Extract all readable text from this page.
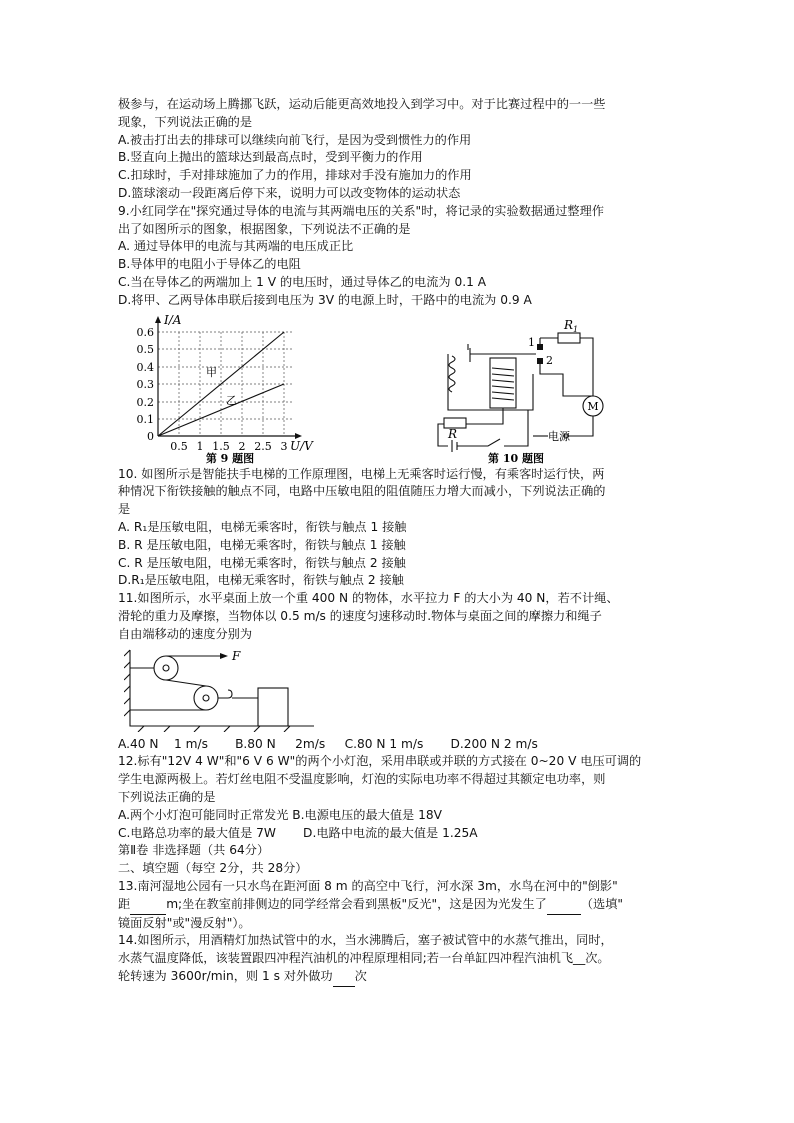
极参与，在运动场上腾挪飞跃，运动后能更高效地投入到学习中。对于比赛过程中的一一些
现象，下列说法正确的是
A.被击打出去的排球可以继续向前飞行，是因为受到惯性力的作用
B.竖直向上抛出的篮球达到最高点时，受到平衡力的作用
C.扣球时，手对排球施加了力的作用，排球对手没有施加力的作用
D.篮球滚动一段距离后停下来，说明力可以改变物体的运动状态
9.小红同学在"探究通过导体的电流与其两端电压的关系"时，将记录的实验数据通过整理作
出了如图所示的图象，根据图象，下列说法不正确的是
A. 通过导体甲的电流与其两端的电压成正比
B.导体甲的电阻小于导体乙的电阻
C.当在导体乙的两端加上 1 V 的电压时，通过导体乙的电流为 0.1 A
D.将甲、乙两导体串联后接到电压为 3V 的电源上时，干路中的电流为 0.9 A
甲
乙
I/A
U/V
0.6
0.5
0.4
0.3
0.2
0.1
0
0.5 1 1.5 2 2.5 3
第 9 题图
1
2
$R_1$
M
R	电源
第 10 题图
10. 如图所示是智能扶手电梯的工作原理图，电梯上无乘客时运行慢，有乘客时运行快，两
种情况下衔铁接触的触点不同，电路中压敏电阻的阻值随压力增大而减小，下列说法正确的
是
A. R₁是压敏电阻，电梯无乘客时，衔铁与触点 1 接触
B. R 是压敏电阻，电梯无乘客时，衔铁与触点 1 接触
C. R 是压敏电阻，电梯无乘客时，衔铁与触点 2 接触
D.R₁是压敏电阻，电梯无乘客时，衔铁与触点 2 接触
11.如图所示，水平桌面上放一个重 400 N 的物体，水平拉力 F 的大小为 40 N，若不计绳、
滑轮的重力及摩擦，当物体以 0.5 m/s 的速度匀速移动时.物体与桌面之间的摩擦力和绳子
自由端移动的速度分别为
F
A.40 N    1 m/s       B.80 N     2m/s     C.80 N 1 m/s       D.200 N 2 m/s
12.标有"12V 4 W"和"6 V 6 W"的两个小灯泡，采用串联或并联的方式接在 0~20 V 电压可调的
学生电源两极上。若灯丝电阻不受温度影响，灯泡的实际电功率不得超过其额定电功率，则
下列说法正确的是
A.两个小灯泡可能同时正常发光 B.电源电压的最大值是 18V
C.电路总功率的最大值是 7W       D.电路中电流的最大值是 1.25A
第Ⅱ卷 非选择题（共 64分）
二、填空题（每空 2分，共 28分）
13.南河湿地公园有一只水鸟在距河面 8 m 的高空中飞行，河水深 3m，水鸟在河中的"倒影"
距	m;坐在教室前排侧边的同学经常会看到黑板"反光"，这是因为光发生了	（选填"
镜面反射"或"漫反射"）。
14.如图所示，用酒精灯加热试管中的水，当水沸腾后，塞子被试管中的水蒸气推出，同时，
水蒸气温度降低，该装置跟四冲程汽油机的冲程原理相同;若一台单缸四冲程汽油机飞__次。
轮转速为 3600r/min，则 1 s 对外做功 次
